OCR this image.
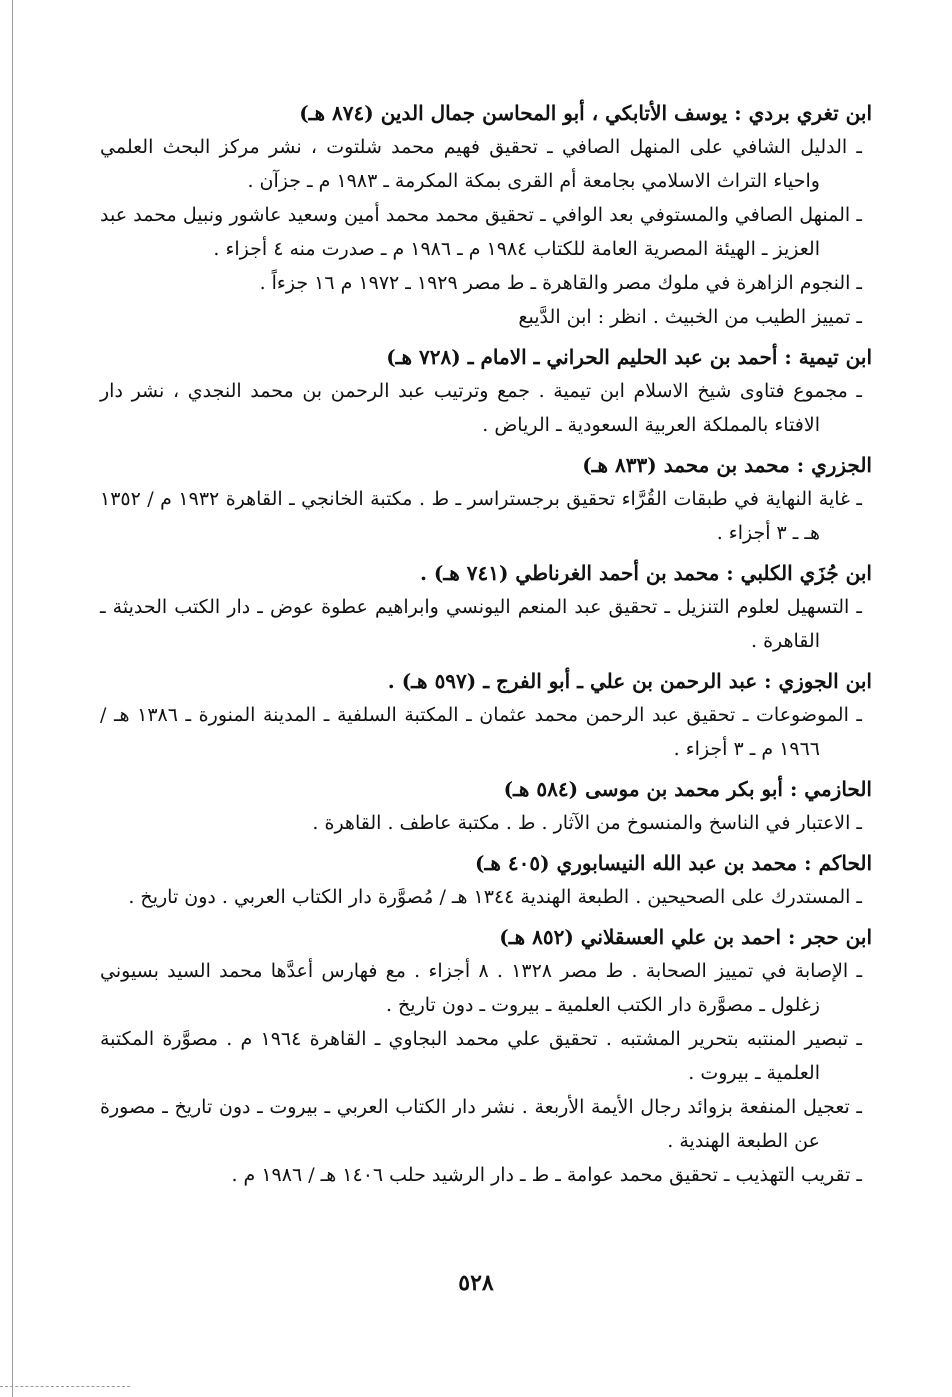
ابن تغري بردي : يوسف الأتابكي ، أبو المحاسن جمال الدين (٨٧٤ هـ)
ـ الدليل الشافي على المنهل الصافي ـ تحقيق فهيم محمد شلتوت ، نشر مركز البحث العلمي واحياء التراث الاسلامي بجامعة أم القرى بمكة المكرمة ـ ١٩٨٣ م ـ جزآن .
ـ المنهل الصافي والمستوفي بعد الوافي ـ تحقيق محمد محمد أمين وسعيد عاشور ونبيل محمد عبد العزيز ـ الهيئة المصرية العامة للكتاب ١٩٨٤ م ـ ١٩٨٦ م ـ صدرت منه ٤ أجزاء .
ـ النجوم الزاهرة في ملوك مصر والقاهرة ـ ط مصر ١٩٢٩ ـ ١٩٧٢ م ١٦ جزءاً .
ـ تمييز الطيب من الخبيث . انظر : ابن الدَّيبع
ابن تيمية : أحمد بن عبد الحليم الحراني ـ الامام ـ (٧٢٨ هـ)
ـ مجموع فتاوى شيخ الاسلام ابن تيمية . جمع وترتيب عبد الرحمن بن محمد النجدي ، نشر دار الافتاء بالمملكة العربية السعودية ـ الرياض .
الجزري : محمد بن محمد (٨٣٣ هـ)
ـ غاية النهاية في طبقات القُرَّاء تحقيق برجستراسر ـ ط . مكتبة الخانجي ـ القاهرة ١٩٣٢ م / ١٣٥٢ هـ ـ ٣ أجزاء .
ابن جُزَي الكلبي : محمد بن أحمد الغرناطي (٧٤١ هـ) .
ـ التسهيل لعلوم التنزيل ـ تحقيق عبد المنعم اليونسي وابراهيم عطوة عوض ـ دار الكتب الحديثة ـ القاهرة .
ابن الجوزي : عبد الرحمن بن علي ـ أبو الفرج ـ (٥٩٧ هـ) .
ـ الموضوعات ـ تحقيق عبد الرحمن محمد عثمان ـ المكتبة السلفية ـ المدينة المنورة ـ ١٣٨٦ هـ / ١٩٦٦ م ـ ٣ أجزاء .
الحازمي : أبو بكر محمد بن موسى (٥٨٤ هـ)
ـ الاعتبار في الناسخ والمنسوخ من الآثار . ط . مكتبة عاطف . القاهرة .
الحاكم : محمد بن عبد الله النيسابوري (٤٠٥ هـ)
ـ المستدرك على الصحيحين . الطبعة الهندية ١٣٤٤ هـ / مُصوَّرة دار الكتاب العربي . دون تاريخ .
ابن حجر : احمد بن علي العسقلاني (٨٥٢ هـ)
ـ الإصابة في تمييز الصحابة . ط مصر ١٣٢٨ . ٨ أجزاء . مع فهارس أعدَّها محمد السيد بسيوني زغلول ـ مصوَّرة دار الكتب العلمية ـ بيروت ـ دون تاريخ .
ـ تبصير المنتبه بتحرير المشتبه . تحقيق علي محمد البجاوي ـ القاهرة ١٩٦٤ م . مصوَّرة المكتبة العلمية ـ بيروت .
ـ تعجيل المنفعة بزوائد رجال الأيمة الأربعة . نشر دار الكتاب العربي ـ بيروت ـ دون تاريخ ـ مصورة عن الطبعة الهندية .
ـ تقريب التهذيب ـ تحقيق محمد عوامة ـ ط ـ دار الرشيد حلب ١٤٠٦ هـ / ١٩٨٦ م .
٥٢٨
